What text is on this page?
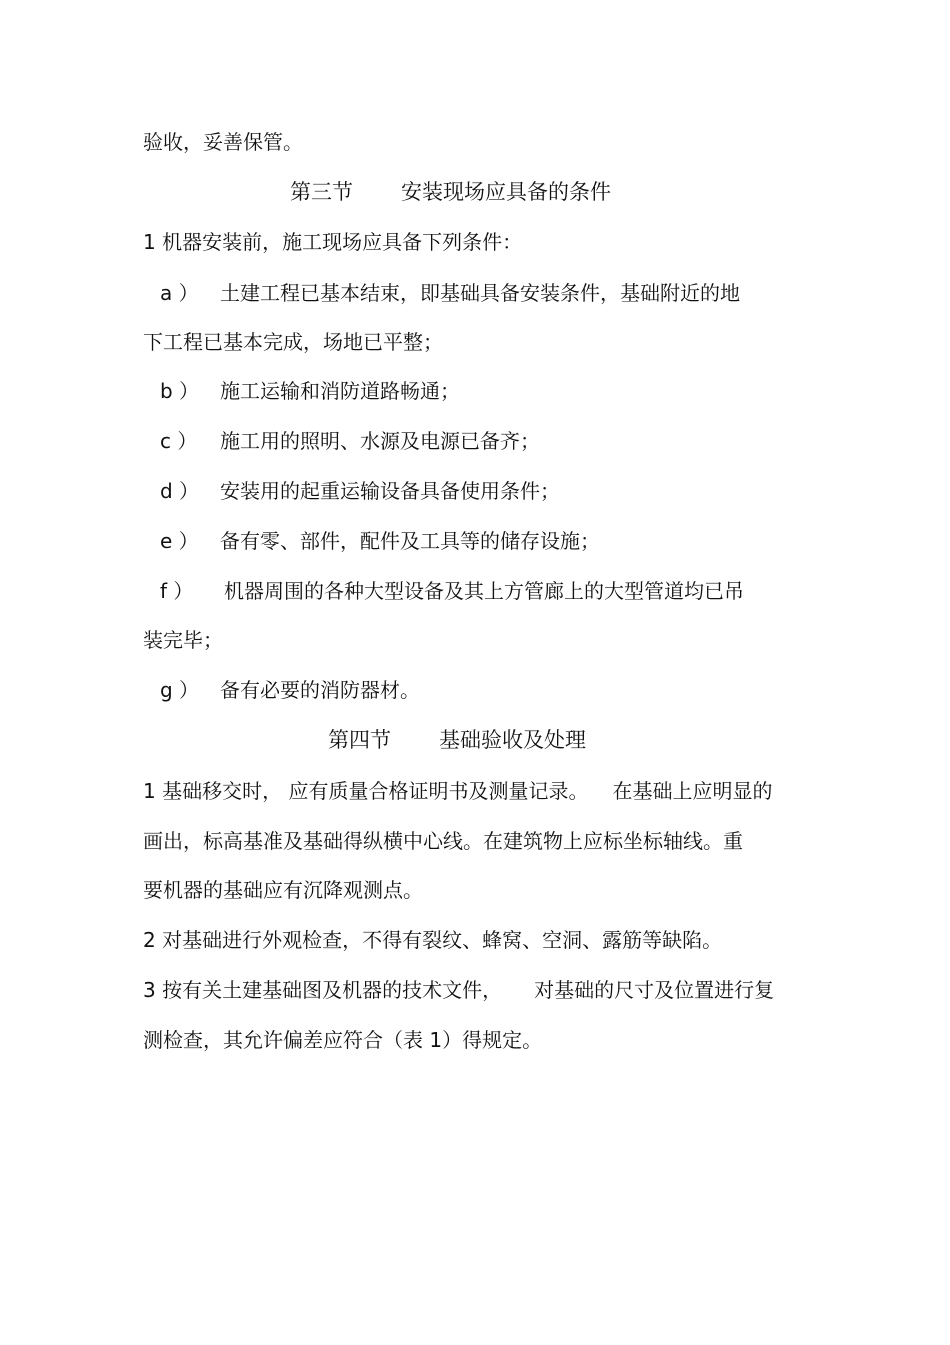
验收，妥善保管。
第三节 安装现场应具备的条件
1 机器安装前，施工现场应具备下列条件：
a ） 土建工程已基本结束，即基础具备安装条件，基础附近的地
下工程已基本完成，场地已平整；
b ） 施工运输和消防道路畅通；
c ） 施工用的照明、水源及电源已备齐；
d ） 安装用的起重运输设备具备使用条件；
e ） 备有零、部件，配件及工具等的储存设施；
f ） 机器周围的各种大型设备及其上方管廊上的大型管道均已吊
装完毕；
g ） 备有必要的消防器材。
第四节 基础验收及处理
1 基础移交时， 应有质量合格证明书及测量记录。 在基础上应明显的
画出，标高基准及基础得纵横中心线。在建筑物上应标坐标轴线。重
要机器的基础应有沉降观测点。
2 对基础进行外观检查，不得有裂纹、蜂窝、空洞、露筋等缺陷。
3 按有关土建基础图及机器的技术文件， 对基础的尺寸及位置进行复
测检查，其允许偏差应符合（表 1）得规定。
